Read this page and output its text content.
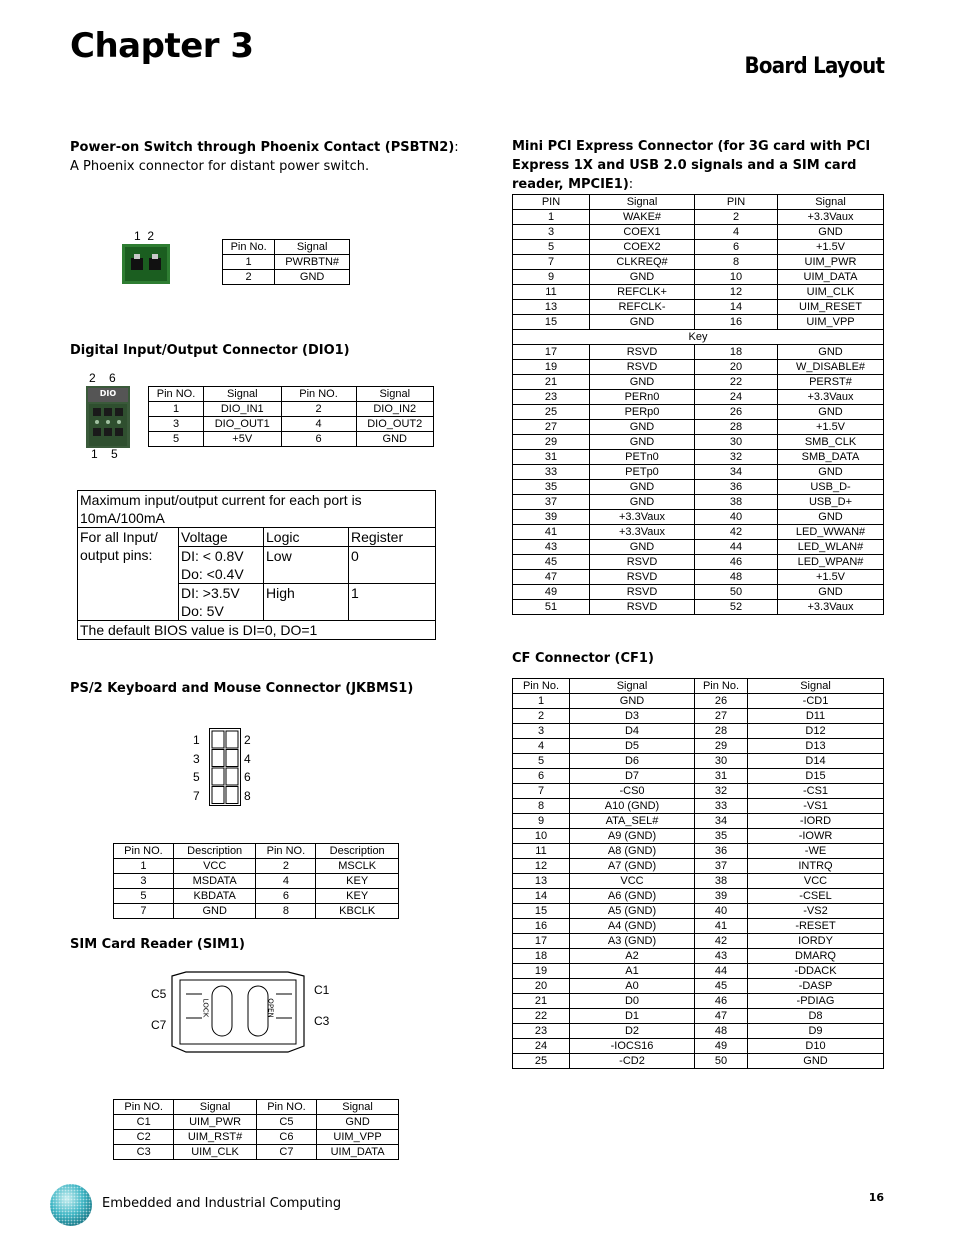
Chapter 3
Board Layout
Power-on Switch through Phoenix Contact (PSBTN2):
A Phoenix connector for distant power switch.
1  2
Pin No.	Signal
1	PWRBTN#
2	GND
Digital Input/Output Connector (DIO1)
2    6
DIO
1    5
Pin NO.	Signal	Pin NO.	Signal
1	DIO_IN1	2	DIO_IN2
3	DIO_OUT1	4	DIO_OUT2
5	+5V	6	GND
Maximum input/output current for each port is 10mA/100mA			
For all Input/ output pins:	Voltage	Logic	Register
	DI: < 0.8V
Do: <0.4V	Low	0
	DI: >3.5V
Do: 5V	High	1
The default BIOS value is DI=0, DO=1			
PS/2 Keyboard and Mouse Connector (JKBMS1)
1
3
5
7
2
4
6
8
Pin NO.	Description	Pin NO.	Description
1	VCC	2	MSCLK
3	MSDATA	4	KEY
5	KBDATA	6	KEY
7	GND	8	KBCLK
SIM Card Reader (SIM1)
LOCK	OPEN
C5
C7
C1
C3
Pin NO.	Signal	Pin NO.	Signal
C1	UIM_PWR	C5	GND
C2	UIM_RST#	C6	UIM_VPP
C3	UIM_CLK	C7	UIM_DATA
Mini PCI Express Connector (for 3G card with PCI Express 1X and USB 2.0 signals and a SIM card reader, MPCIE1):
PIN	Signal	PIN	Signal
1	WAKE#	2	+3.3Vaux
3	COEX1	4	GND
5	COEX2	6	+1.5V
7	CLKREQ#	8	UIM_PWR
9	GND	10	UIM_DATA
11	REFCLK+	12	UIM_CLK
13	REFCLK-	14	UIM_RESET
15	GND	16	UIM_VPP
Key			
17	RSVD	18	GND
19	RSVD	20	W_DISABLE#
21	GND	22	PERST#
23	PERn0	24	+3.3Vaux
25	PERp0	26	GND
27	GND	28	+1.5V
29	GND	30	SMB_CLK
31	PETn0	32	SMB_DATA
33	PETp0	34	GND
35	GND	36	USB_D-
37	GND	38	USB_D+
39	+3.3Vaux	40	GND
41	+3.3Vaux	42	LED_WWAN#
43	GND	44	LED_WLAN#
45	RSVD	46	LED_WPAN#
47	RSVD	48	+1.5V
49	RSVD	50	GND
51	RSVD	52	+3.3Vaux
CF Connector (CF1)
Pin No.	Signal	Pin No.	Signal
1	GND	26	-CD1
2	D3	27	D11
3	D4	28	D12
4	D5	29	D13
5	D6	30	D14
6	D7	31	D15
7	-CS0	32	-CS1
8	A10 (GND)	33	-VS1
9	ATA_SEL#	34	-IORD
10	A9 (GND)	35	-IOWR
11	A8 (GND)	36	-WE
12	A7 (GND)	37	INTRQ
13	VCC	38	VCC
14	A6 (GND)	39	-CSEL
15	A5 (GND)	40	-VS2
16	A4 (GND)	41	-RESET
17	A3 (GND)	42	IORDY
18	A2	43	DMARQ
19	A1	44	-DDACK
20	A0	45	-DASP
21	D0	46	-PDIAG
22	D1	47	D8
23	D2	48	D9
24	-IOCS16	49	D10
25	-CD2	50	GND
Embedded and Industrial Computing	16
